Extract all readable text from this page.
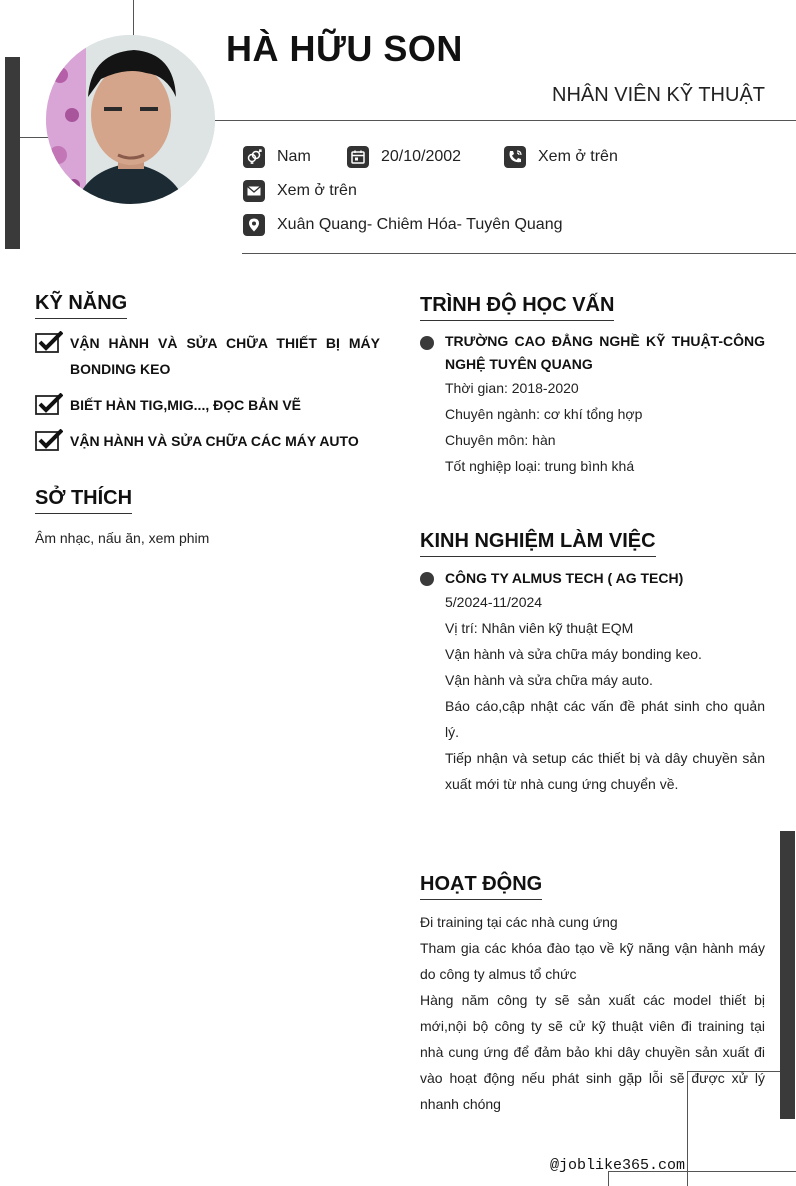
HÀ HỮU SON
NHÂN VIÊN KỸ THUẬT
Nam	20/10/2002	Xem ở trên
Xem ở trên
Xuân Quang- Chiêm Hóa- Tuyên Quang
KỸ NĂNG
VẬN HÀNH VÀ SỬA CHỮA THIẾT BỊ MÁY BONDING KEO
BIẾT HÀN TIG,MIG..., ĐỌC BẢN VẼ
VẬN HÀNH VÀ SỬA CHỮA CÁC MÁY AUTO
SỞ THÍCH
Âm nhạc, nấu ăn, xem phim
TRÌNH ĐỘ HỌC VẤN
TRƯỜNG CAO ĐẲNG NGHỀ KỸ THUẬT-CÔNG NGHỆ TUYÊN QUANG
Thời gian: 2018-2020
Chuyên ngành: cơ khí tổng hợp
Chuyên môn: hàn
Tốt nghiệp loại: trung bình khá
KINH NGHIỆM LÀM VIỆC
CÔNG TY ALMUS TECH ( AG TECH)
5/2024-11/2024
Vị trí: Nhân viên kỹ thuật EQM
Vận hành và sửa chữa máy bonding keo.
Vận hành và sửa chữa máy auto.
Báo cáo,cập nhật các vấn đề phát sinh cho quản lý.
Tiếp nhận và setup các thiết bị và dây chuyền sản xuất mới từ nhà cung ứng chuyển về.
HOẠT ĐỘNG
Đi training tại các nhà cung ứng
Tham gia các khóa đào tạo về kỹ năng vận hành máy do công ty almus tổ chức
Hàng năm công ty sẽ sản xuất các model thiết bị mới,nội bộ công ty sẽ cử kỹ thuật viên đi training tại nhà cung ứng để đảm bảo khi dây chuyền sản xuất đi vào hoạt động nếu phát sinh gặp lỗi sẽ được xử lý nhanh chóng
@joblike365.com
